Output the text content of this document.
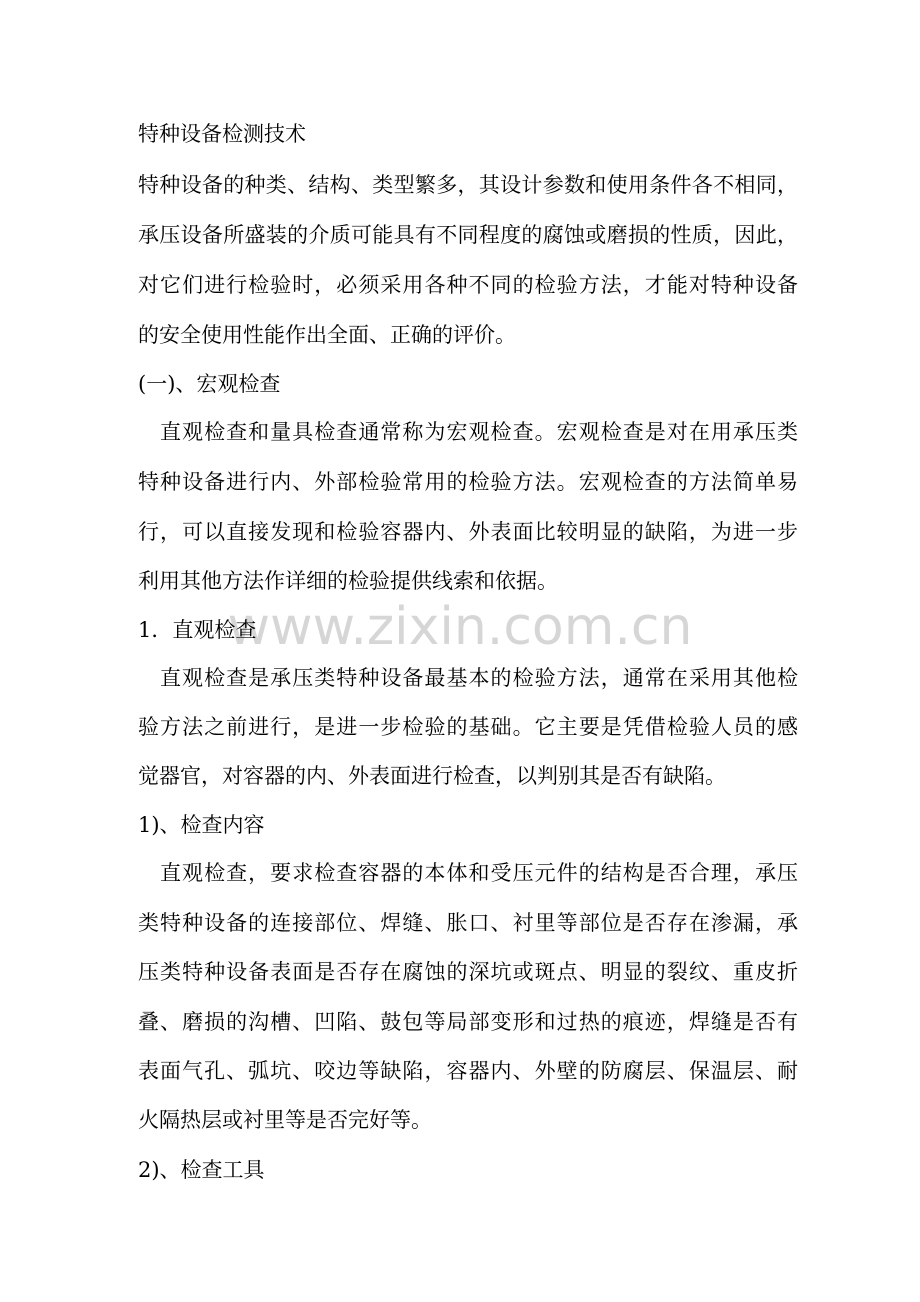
www.zixin.com.cn
特种设备检测技术
特种设备的种类、结构、类型繁多，其设计参数和使用条件各不相同，
承压设备所盛装的介质可能具有不同程度的腐蚀或磨损的性质，因此，
对它们进行检验时，必须采用各种不同的检验方法，才能对特种设备
的安全使用性能作出全面、正确的评价。
(一)、宏观检查
直观检查和量具检查通常称为宏观检查。宏观检查是对在用承压类
特种设备进行内、外部检验常用的检验方法。宏观检查的方法简单易
行，可以直接发现和检验容器内、外表面比较明显的缺陷，为进一步
利用其他方法作详细的检验提供线索和依据。
1．直观检查
直观检查是承压类特种设备最基本的检验方法，通常在采用其他检
验方法之前进行，是进一步检验的基础。它主要是凭借检验人员的感
觉器官，对容器的内、外表面进行检查，以判别其是否有缺陷。
1)、检查内容
直观检查，要求检查容器的本体和受压元件的结构是否合理，承压
类特种设备的连接部位、焊缝、胀口、衬里等部位是否存在渗漏，承
压类特种设备表面是否存在腐蚀的深坑或斑点、明显的裂纹、重皮折
叠、磨损的沟槽、凹陷、鼓包等局部变形和过热的痕迹，焊缝是否有
表面气孔、弧坑、咬边等缺陷，容器内、外壁的防腐层、保温层、耐
火隔热层或衬里等是否完好等。
2)、检查工具
